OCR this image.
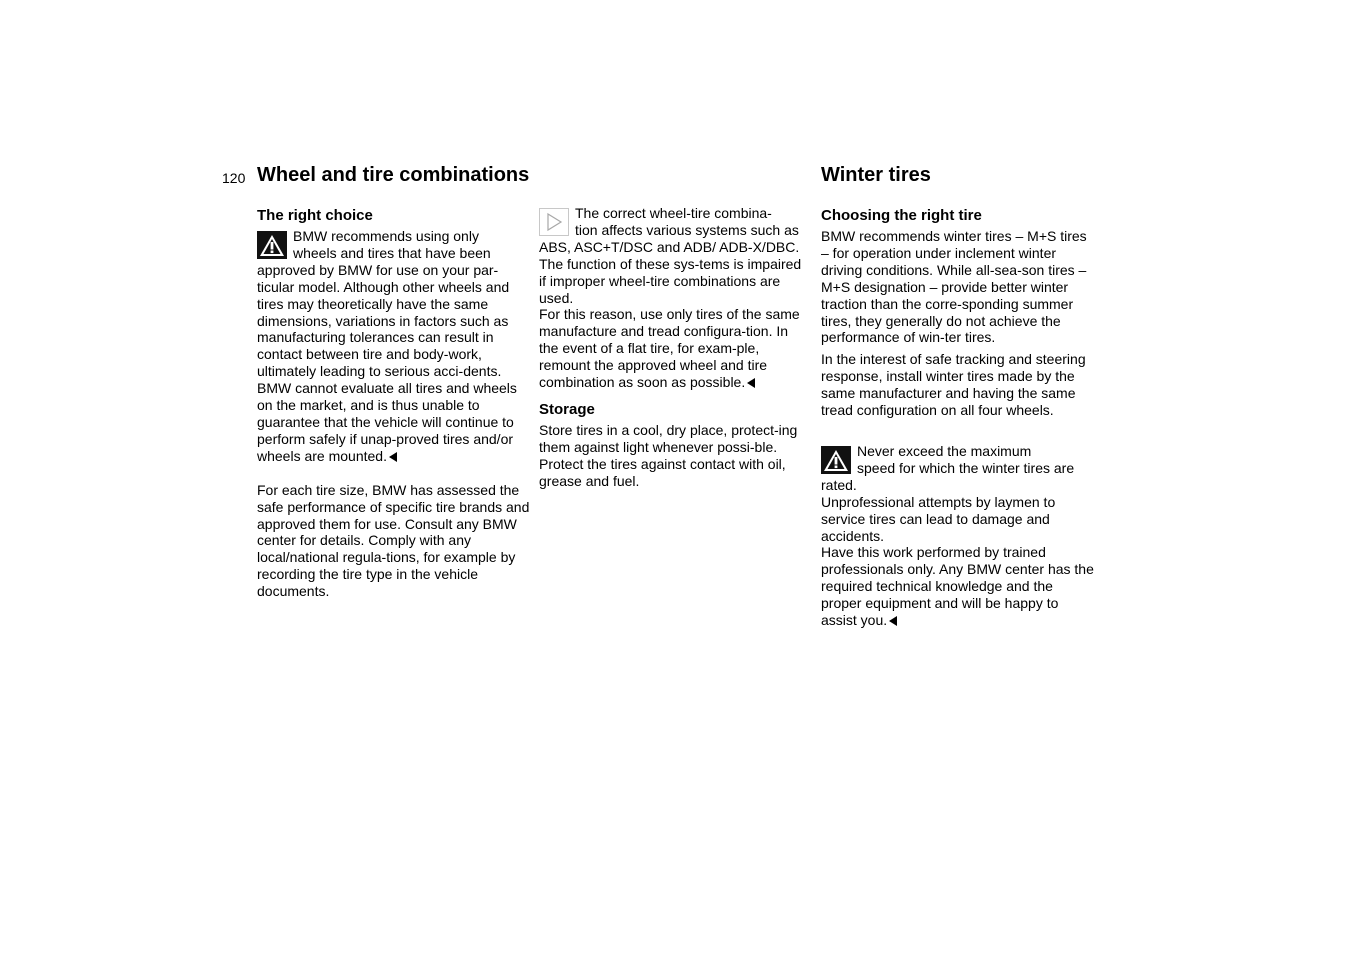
120 Wheel and tire combinations	Winter tires
The right choice
BMW recommends using only
wheels and tires that have been approved by BMW for use on your par-ticular model. Although other wheels and tires may theoretically have the same dimensions, variations in factors such as manufacturing tolerances can result in contact between tire and body-work, ultimately leading to serious acci-dents. BMW cannot evaluate all tires and wheels on the market, and is thus unable to guarantee that the vehicle will continue to perform safely if unap-proved tires and/or wheels are mounted.

For each tire size, BMW has assessed the safe performance of specific tire brands and approved them for use. Consult any BMW center for details. Comply with any local/national regula-tions, for example by recording the tire type in the vehicle documents.

The correct wheel-tire combina-
tion affects various systems such as ABS, ASC+T/DSC and ADB/ ADB-X/DBC. The function of these sys-tems is impaired if improper wheel-tire combinations are used.
For this reason, use only tires of the same manufacture and tread configura-tion. In the event of a flat tire, for exam-ple, remount the approved wheel and tire combination as soon as possible.
Storage

Store tires in a cool, dry place, protect-ing them against light whenever possi-ble. Protect the tires against contact with oil, grease and fuel.

Choosing the right tire

BMW recommends winter tires – M+S tires – for operation under inclement winter driving conditions. While all-sea-son tires – M+S designation – provide better winter traction than the corre-sponding summer tires, they generally do not achieve the performance of win-ter tires.

In the interest of safe tracking and steering response, install winter tires made by the same manufacturer and having the same tread configuration on all four wheels.

Never exceed the maximum
speed for which the winter tires are rated.
Unprofessional attempts by laymen to service tires can lead to damage and accidents.
Have this work performed by trained professionals only. Any BMW center has the required technical knowledge and the proper equipment and will be happy to assist you.
